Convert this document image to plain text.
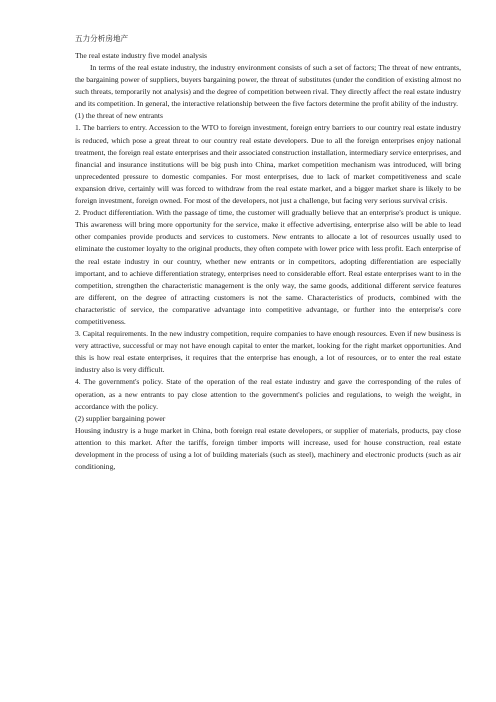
五力分析房地产

The real estate industry five model analysis

In terms of the real estate industry, the industry environment consists of such a set of factors; The threat of new entrants, the bargaining power of suppliers, buyers bargaining power, the threat of substitutes (under the condition of existing almost no such threats, temporarily not analysis) and the degree of competition between rival. They directly affect the real estate industry and its competition. In general, the interactive relationship between the five factors determine the profit ability of the industry.

(1) the threat of new entrants

1. The barriers to entry. Accession to the WTO to foreign investment, foreign entry barriers to our country real estate industry is reduced, which pose a great threat to our country real estate developers. Due to all the foreign enterprises enjoy national treatment, the foreign real estate enterprises and their associated construction installation, intermediary service enterprises, and financial and insurance institutions will be big push into China, market competition mechanism was introduced, will bring unprecedented pressure to domestic companies. For most enterprises, due to lack of market competitiveness and scale expansion drive, certainly will was forced to withdraw from the real estate market, and a bigger market share is likely to be foreign investment, foreign owned. For most of the developers, not just a challenge, but facing very serious survival crisis.

2. Product differentiation. With the passage of time, the customer will gradually believe that an enterprise's product is unique. This awareness will bring more opportunity for the service, make it effective advertising, enterprise also will be able to lead other companies provide products and services to customers. New entrants to allocate a lot of resources usually used to eliminate the customer loyalty to the original products, they often compete with lower price with less profit. Each enterprise of the real estate industry in our country, whether new entrants or in competitors, adopting differentiation are especially important, and to achieve differentiation strategy, enterprises need to considerable effort. Real estate enterprises want to in the competition, strengthen the characteristic management is the only way, the same goods, additional different service features are different, on the degree of attracting customers is not the same. Characteristics of products, combined with the characteristic of service, the comparative advantage into competitive advantage, or further into the enterprise's core competitiveness.

3. Capital requirements. In the new industry competition, require companies to have enough resources. Even if new business is very attractive, successful or may not have enough capital to enter the market, looking for the right market opportunities. And this is how real estate enterprises, it requires that the enterprise has enough, a lot of resources, or to enter the real estate industry also is very difficult.

4. The government's policy. State of the operation of the real estate industry and gave the corresponding of the rules of operation, as a new entrants to pay close attention to the government's policies and regulations, to weigh the weight, in accordance with the policy.

(2) supplier bargaining power

Housing industry is a huge market in China, both foreign real estate developers, or supplier of materials, products, pay close attention to this market. After the tariffs, foreign timber imports will increase, used for house construction, real estate development in the process of using a lot of building materials (such as steel), machinery and electronic products (such as air conditioning,
